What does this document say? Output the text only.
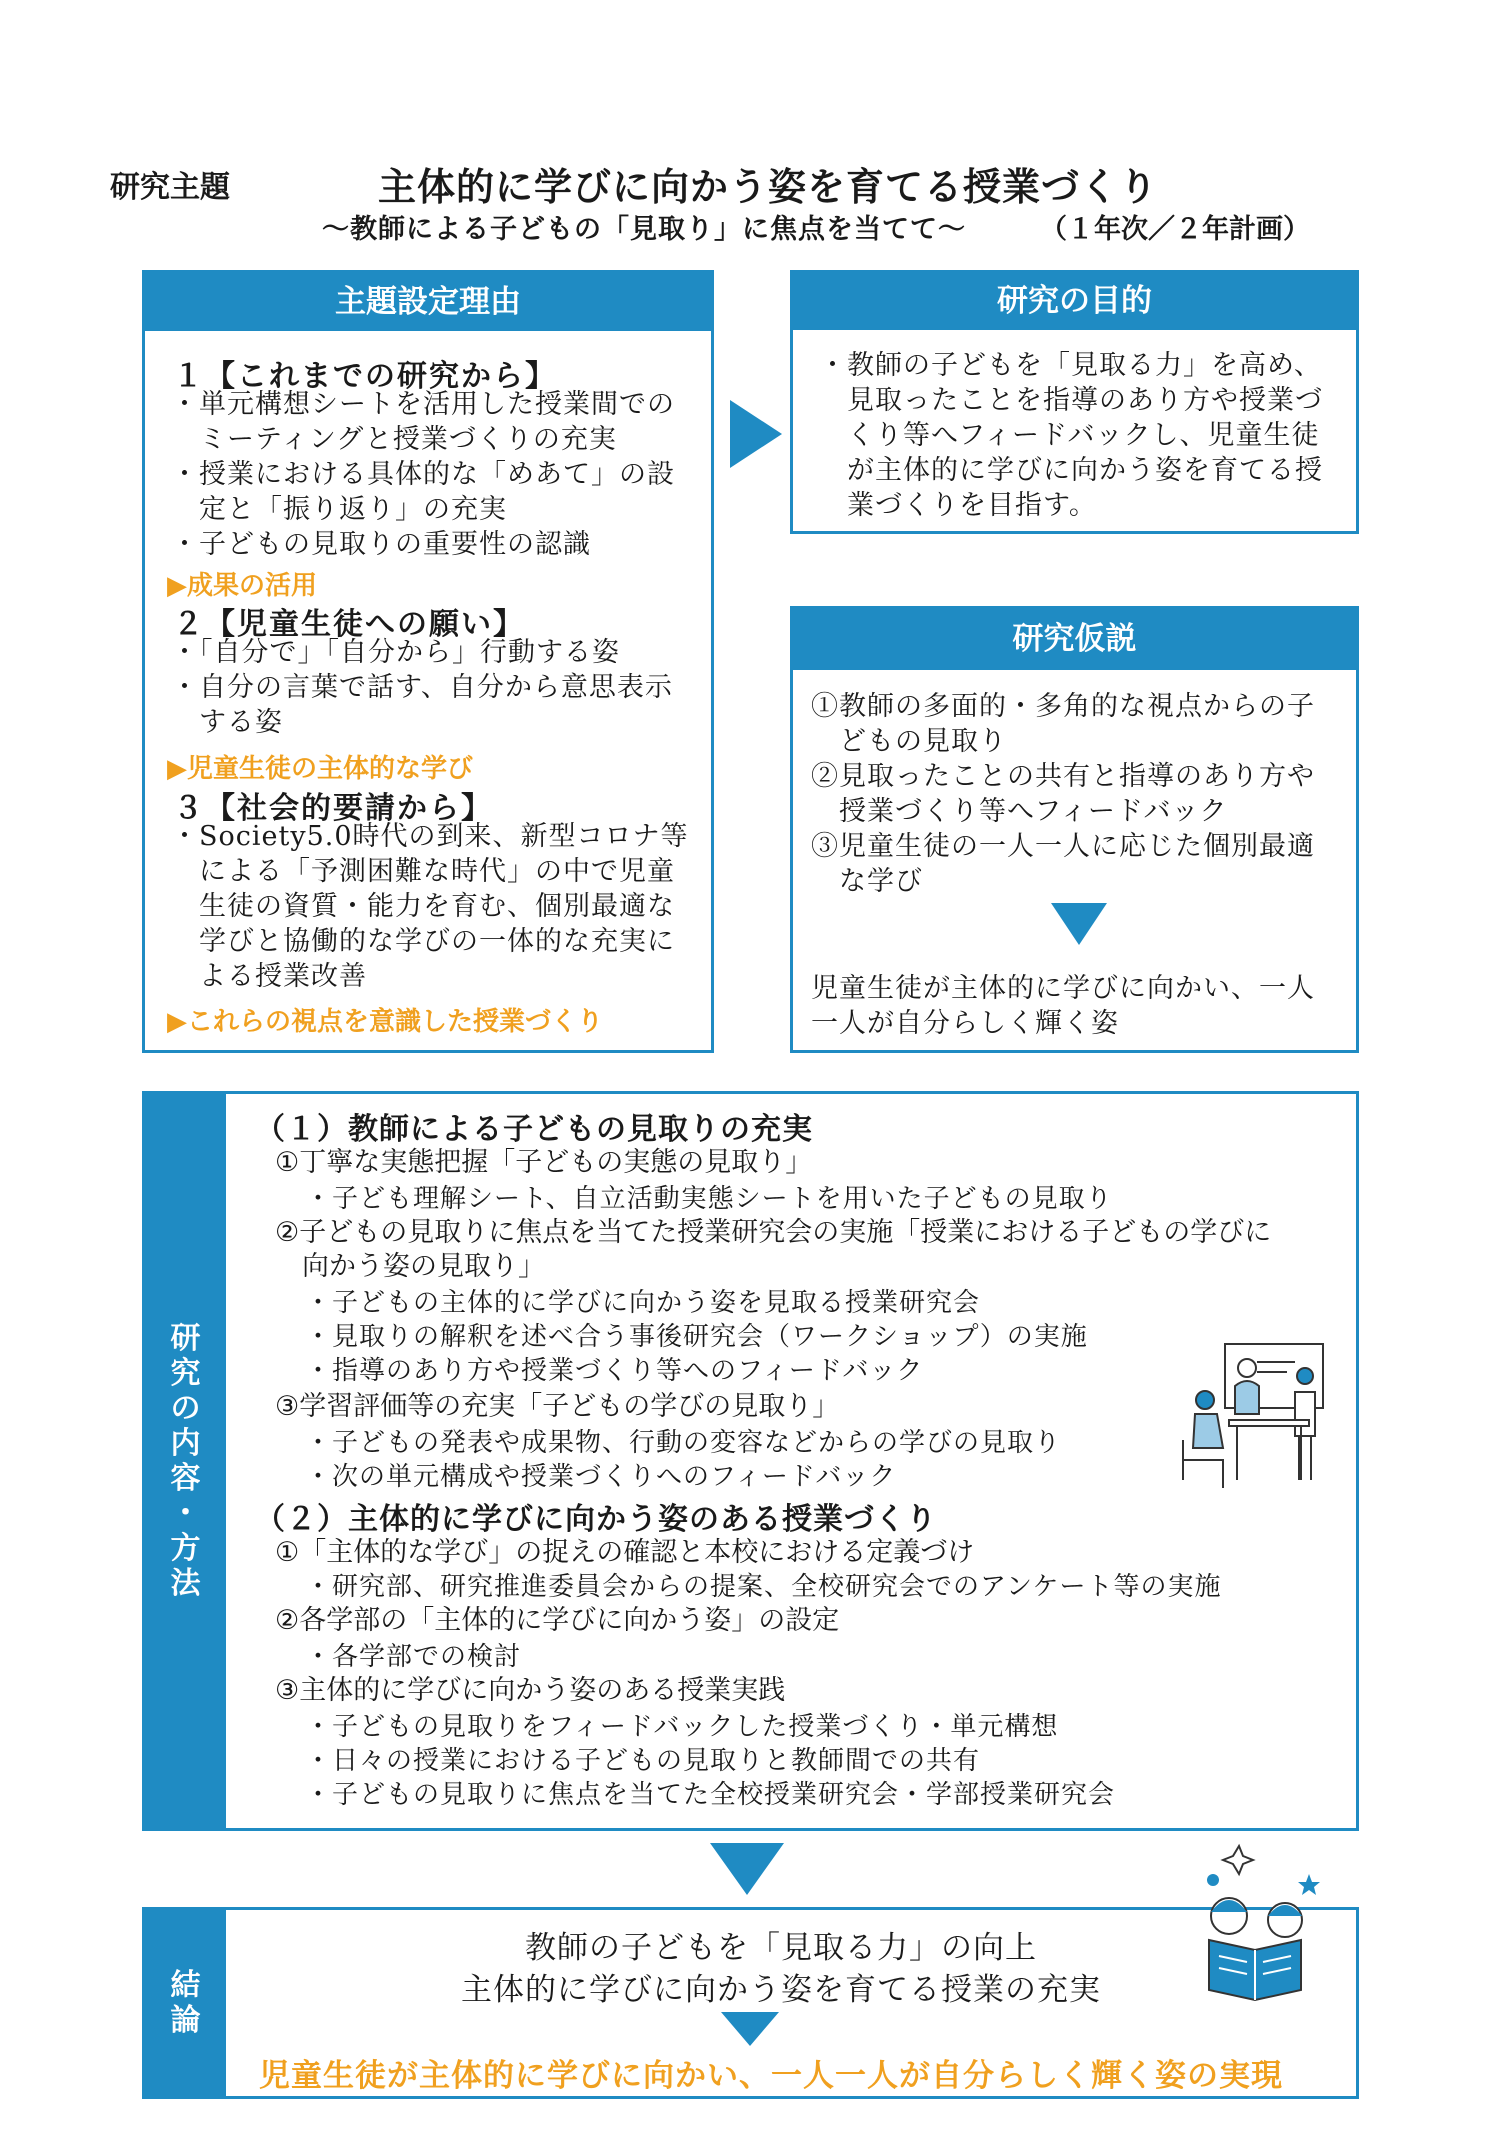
研究主題	主体的に学びに向かう姿を育てる授業づくり
～教師による子どもの「見取り」に焦点を当てて～	（１年次／２年計画）
主題設定理由
１【これまでの研究から】
・単元構想シートを活用した授業間での
　ミーティングと授業づくりの充実
・授業における具体的な「めあて」の設
　定と「振り返り」の充実
・子どもの見取りの重要性の認識
▶成果の活用
２【児童生徒への願い】
・「自分で」「自分から」行動する姿
・自分の言葉で話す、自分から意思表示
　する姿
▶児童生徒の主体的な学び
３【社会的要請から】
・Society5.0時代の到来、新型コロナ等
　による「予測困難な時代」の中で児童
　生徒の資質・能力を育む、個別最適な
　学びと協働的な学びの一体的な充実に
　よる授業改善
▶これらの視点を意識した授業づくり
研究の目的
・教師の子どもを「見取る力」を高め、
　見取ったことを指導のあり方や授業づ
　くり等へフィードバックし、児童生徒
　が主体的に学びに向かう姿を育てる授
　業づくりを目指す。
研究仮説
①教師の多面的・多角的な視点からの子
　どもの見取り
②見取ったことの共有と指導のあり方や
　授業づくり等へフィードバック
③児童生徒の一人一人に応じた個別最適
　な学び
児童生徒が主体的に学びに向かい、一人
一人が自分らしく輝く姿
研
究
の
内
容
・
方
法
（１）教師による子どもの見取りの充実
①丁寧な実態把握「子どもの実態の見取り」
・子ども理解シート、自立活動実態シートを用いた子どもの見取り
②子どもの見取りに焦点を当てた授業研究会の実施「授業における子どもの学びに
　向かう姿の見取り」
・子どもの主体的に学びに向かう姿を見取る授業研究会
・見取りの解釈を述べ合う事後研究会（ワークショップ）の実施
・指導のあり方や授業づくり等へのフィードバック
③学習評価等の充実「子どもの学びの見取り」
・子どもの発表や成果物、行動の変容などからの学びの見取り
・次の単元構成や授業づくりへのフィードバック
（２）主体的に学びに向かう姿のある授業づくり
①「主体的な学び」の捉えの確認と本校における定義づけ
・研究部、研究推進委員会からの提案、全校研究会でのアンケート等の実施
②各学部の「主体的に学びに向かう姿」の設定
・各学部での検討
③主体的に学びに向かう姿のある授業実践
・子どもの見取りをフィードバックした授業づくり・単元構想
・日々の授業における子どもの見取りと教師間での共有
・子どもの見取りに焦点を当てた全校授業研究会・学部授業研究会
結
論
教師の子どもを「見取る力」の向上
主体的に学びに向かう姿を育てる授業の充実
児童生徒が主体的に学びに向かい、一人一人が自分らしく輝く姿の実現
